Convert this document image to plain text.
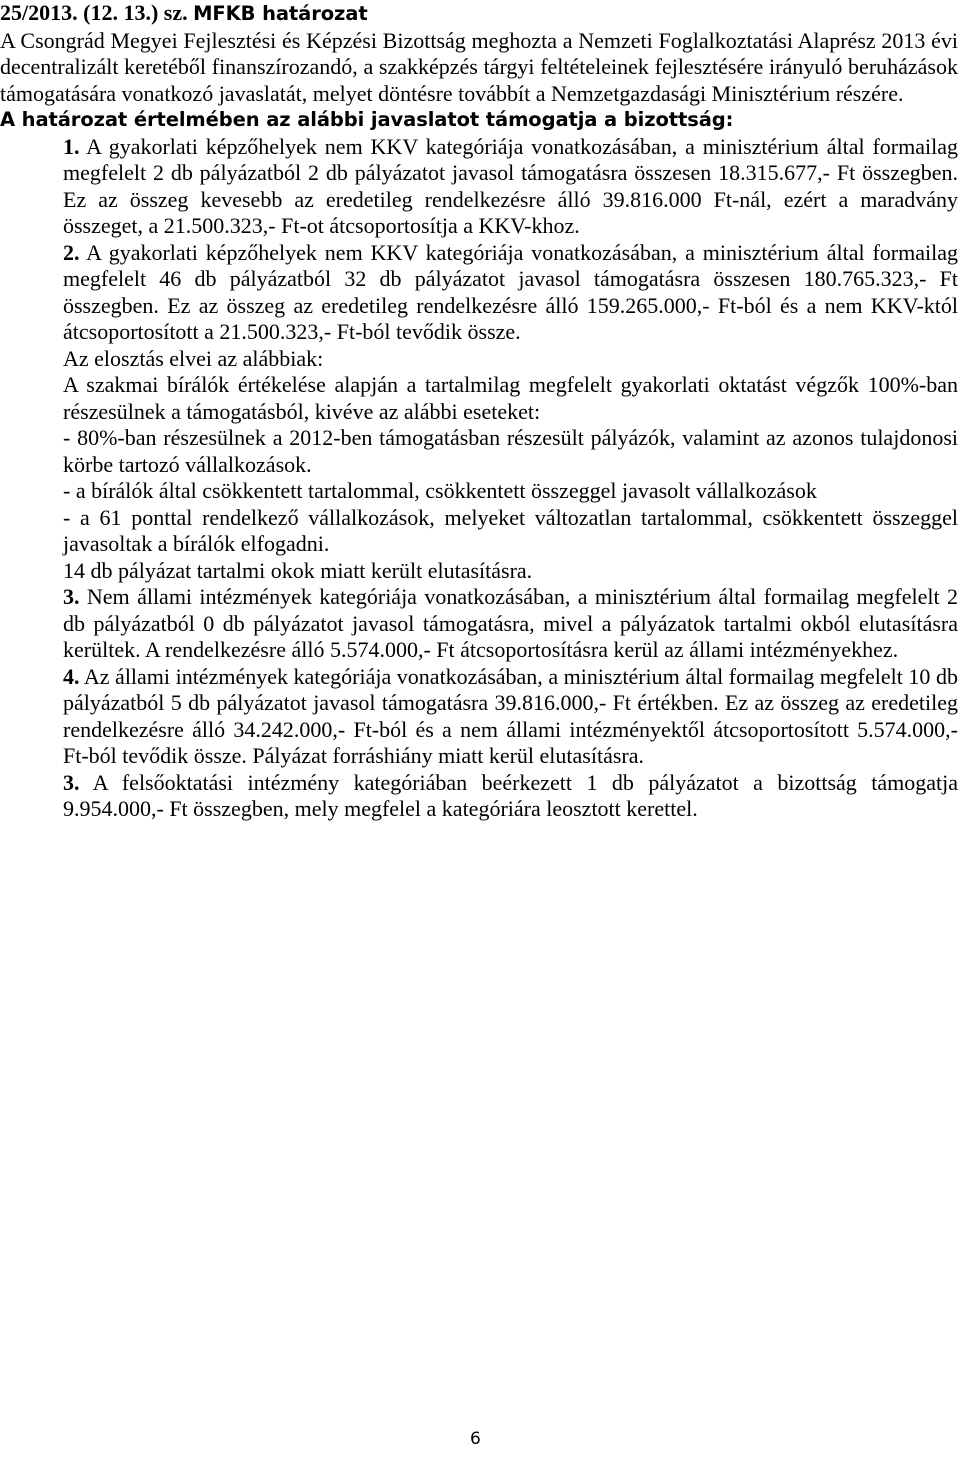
25/2013. (12. 13.) sz. MFKB határozat

A Csongrád Megyei Fejlesztési és Képzési Bizottság meghozta a Nemzeti Foglalkoztatási Alaprész 2013 évi decentralizált keretéből finanszírozandó, a szakképzés tárgyi feltételeinek fejlesztésére irányuló beruházások támogatására vonatkozó javaslatát, melyet döntésre továbbít a Nemzetgazdasági Minisztérium részére.

A határozat értelmében az alábbi javaslatot támogatja a bizottság:

1. A gyakorlati képzőhelyek nem KKV kategóriája vonatkozásában, a minisztérium által formailag megfelelt 2 db pályázatból 2 db pályázatot javasol támogatásra összesen 18.315.677,- Ft összegben. Ez az összeg kevesebb az eredetileg rendelkezésre álló 39.816.000 Ft-nál, ezért a maradvány összeget, a 21.500.323,- Ft-ot átcsoportosítja a KKV-khoz.

2. A gyakorlati képzőhelyek nem KKV kategóriája vonatkozásában, a minisztérium által formailag megfelelt 46 db pályázatból 32 db pályázatot javasol támogatásra összesen 180.765.323,- Ft összegben. Ez az összeg az eredetileg rendelkezésre álló 159.265.000,- Ft-ból és a nem KKV-któl átcsoportosított a 21.500.323,- Ft-ból tevődik össze.

Az elosztás elvei az alábbiak:

A szakmai bírálók értékelése alapján a tartalmilag megfelelt gyakorlati oktatást végzők 100%-ban részesülnek a támogatásból, kivéve az alábbi eseteket:

- 80%-ban részesülnek a 2012-ben támogatásban részesült pályázók, valamint az azonos tulajdonosi körbe tartozó vállalkozások.

- a bírálók által csökkentett tartalommal, csökkentett összeggel javasolt vállalkozások

- a 61 ponttal rendelkező vállalkozások, melyeket változatlan tartalommal, csökkentett összeggel javasoltak a bírálók elfogadni.

14 db pályázat tartalmi okok miatt került elutasításra.

3. Nem állami intézmények kategóriája vonatkozásában, a minisztérium által formailag megfelelt 2 db pályázatból 0 db pályázatot javasol támogatásra, mivel a pályázatok tartalmi okból elutasításra kerültek. A rendelkezésre álló 5.574.000,- Ft átcsoportosításra kerül az állami intézményekhez.

4. Az állami intézmények kategóriája vonatkozásában, a minisztérium által formailag megfelelt 10 db pályázatból 5 db pályázatot javasol támogatásra 39.816.000,- Ft értékben. Ez az összeg az eredetileg rendelkezésre álló 34.242.000,- Ft-ból és a nem állami intézményektől átcsoportosított 5.574.000,- Ft-ból tevődik össze. Pályázat forráshiány miatt kerül elutasításra.

3. A felsőoktatási intézmény kategóriában beérkezett 1 db pályázatot a bizottság támogatja 9.954.000,- Ft összegben, mely megfelel a kategóriára leosztott kerettel.

6
